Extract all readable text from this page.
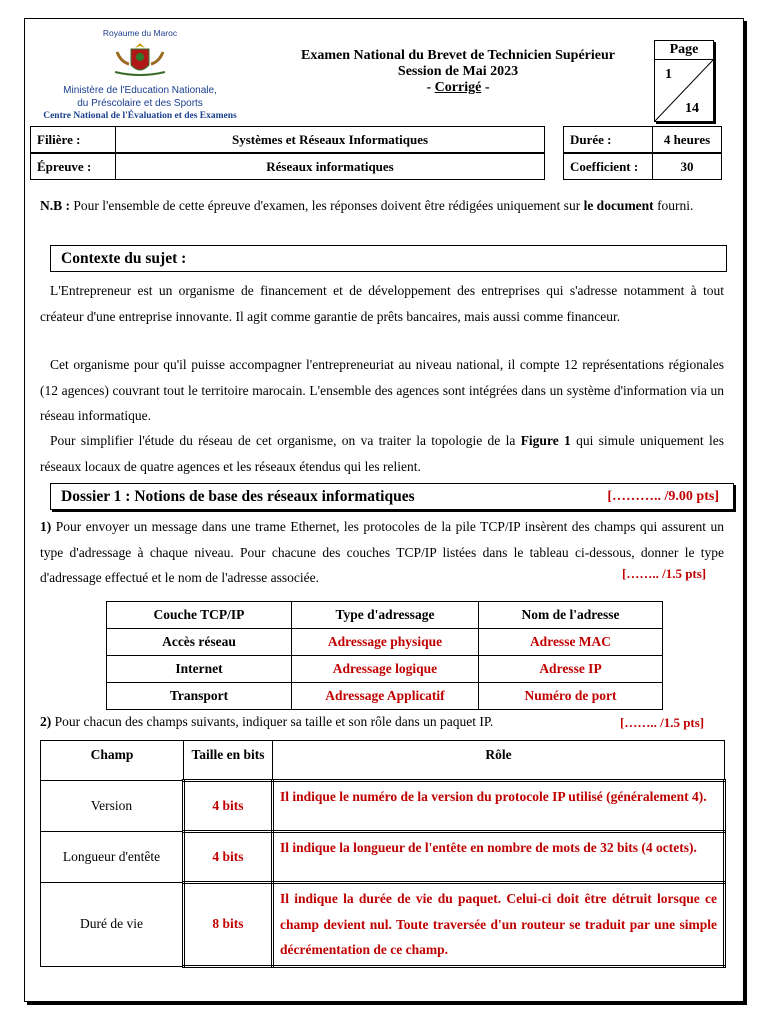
Royaume du Maroc
Ministère de l'Education Nationale,
du Préscolaire et des Sports
Centre National de l'Évaluation et des Examens
Examen National du Brevet de Technicien Supérieur
Session de Mai 2023
- Corrigé -
Page
1
14
Filière :	Systèmes et Réseaux Informatiques
Épreuve :	Réseaux informatiques
Durée :	4 heures
Coefficient :	30
N.B : Pour l'ensemble de cette épreuve d'examen, les réponses doivent être rédigées uniquement sur le document fourni.
Contexte du sujet :
L'Entrepreneur est un organisme de financement et de développement des entreprises qui s'adresse notamment à tout créateur d'une entreprise innovante. Il agit comme garantie de prêts bancaires, mais aussi comme financeur.
Cet organisme pour qu'il puisse accompagner l'entrepreneuriat au niveau national, il compte 12 représentations régionales (12 agences) couvrant tout le territoire marocain. L'ensemble des agences sont intégrées dans un système d'information via un réseau informatique.
Pour simplifier l'étude du réseau de cet organisme, on va traiter la topologie de la Figure 1 qui simule uniquement les réseaux locaux de quatre agences et les réseaux étendus qui les relient.
Dossier 1 : Notions de base des réseaux informatiques	[……….. /9.00 pts]
1) Pour envoyer un message dans une trame Ethernet, les protocoles de la pile TCP/IP insèrent des champs qui assurent un type d'adressage à chaque niveau. Pour chacune des couches TCP/IP listées dans le tableau ci-dessous, donner le type d'adressage effectué et le nom de l'adresse associée.	[…….. /1.5 pts]
Couche TCP/IP	Type d'adressage	Nom de l'adresse
Accès réseau	Adressage physique	Adresse MAC
Internet	Adressage logique	Adresse IP
Transport	Adressage Applicatif	Numéro de port
2) Pour chacun des champs suivants, indiquer sa taille et son rôle dans un paquet IP.	[…….. /1.5 pts]
Champ	Taille en bits	Rôle
Version	4 bits	Il indique le numéro de la version du protocole IP utilisé (généralement 4).
Longueur d'entête	4 bits	Il indique la longueur de l'entête en nombre de mots de 32 bits (4 octets).
Duré de vie	8 bits	Il indique la durée de vie du paquet. Celui-ci doit être détruit lorsque ce champ devient nul. Toute traversée d'un routeur se traduit par une simple décrémentation de ce champ.
